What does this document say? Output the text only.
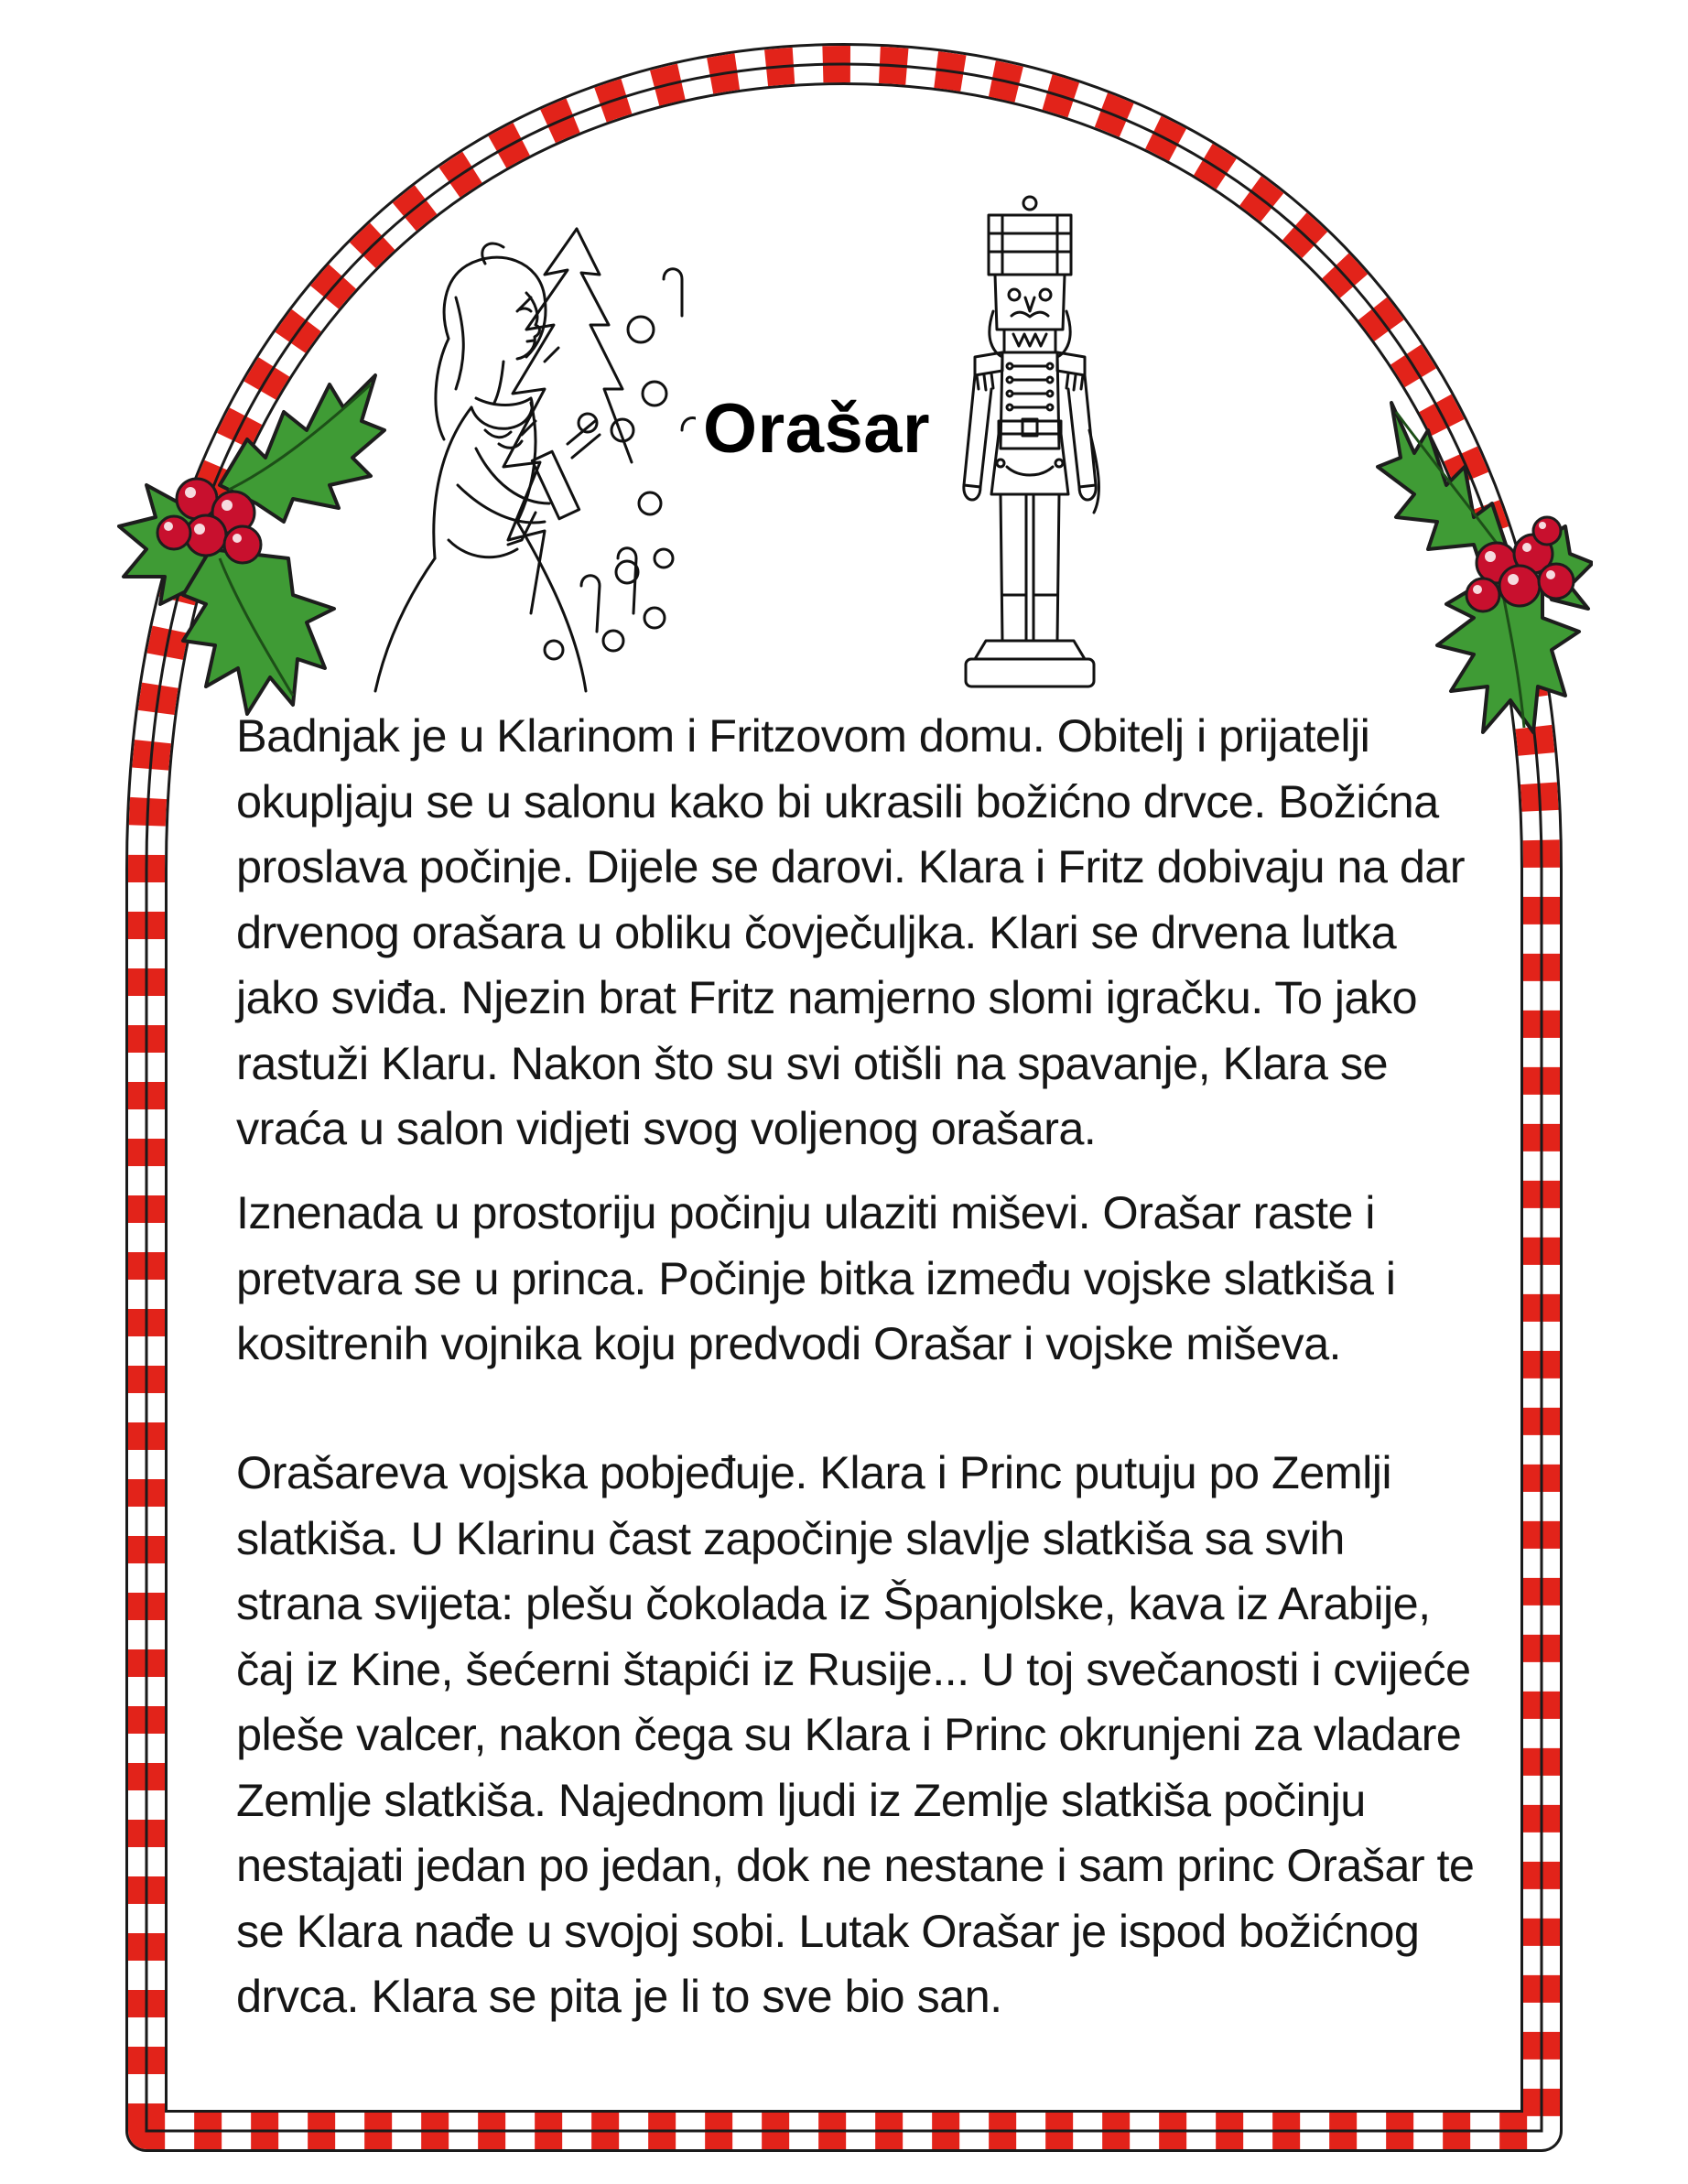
Orašar
Badnjak je u Klarinom i Fritzovom domu. Obitelj i prijatelji
okupljaju se u salonu kako bi ukrasili božićno drvce. Božićna
proslava počinje. Dijele se darovi. Klara i Fritz dobivaju na dar
drvenog orašara u obliku čovječuljka. Klari se drvena lutka
jako sviđa. Njezin brat Fritz namjerno slomi igračku. To jako
rastuži Klaru. Nakon što su svi otišli na spavanje, Klara se
vraća u salon vidjeti svog voljenog orašara.
Iznenada u prostoriju počinju ulaziti miševi. Orašar raste i
pretvara se u princa. Počinje bitka između vojske slatkiša i
kositrenih vojnika koju predvodi Orašar i vojske miševa.
Orašareva vojska pobjeđuje. Klara i Princ putuju po Zemlji
slatkiša. U Klarinu čast započinje slavlje slatkiša sa svih
strana svijeta: plešu čokolada iz Španjolske, kava iz Arabije,
čaj iz Kine, šećerni štapići iz Rusije... U toj svečanosti i cvijeće
pleše valcer, nakon čega su Klara i Princ okrunjeni za vladare
Zemlje slatkiša. Najednom ljudi iz Zemlje slatkiša počinju
nestajati jedan po jedan, dok ne nestane i sam princ Orašar te
se Klara nađe u svojoj sobi. Lutak Orašar je ispod božićnog
drvca. Klara se pita je li to sve bio san.
